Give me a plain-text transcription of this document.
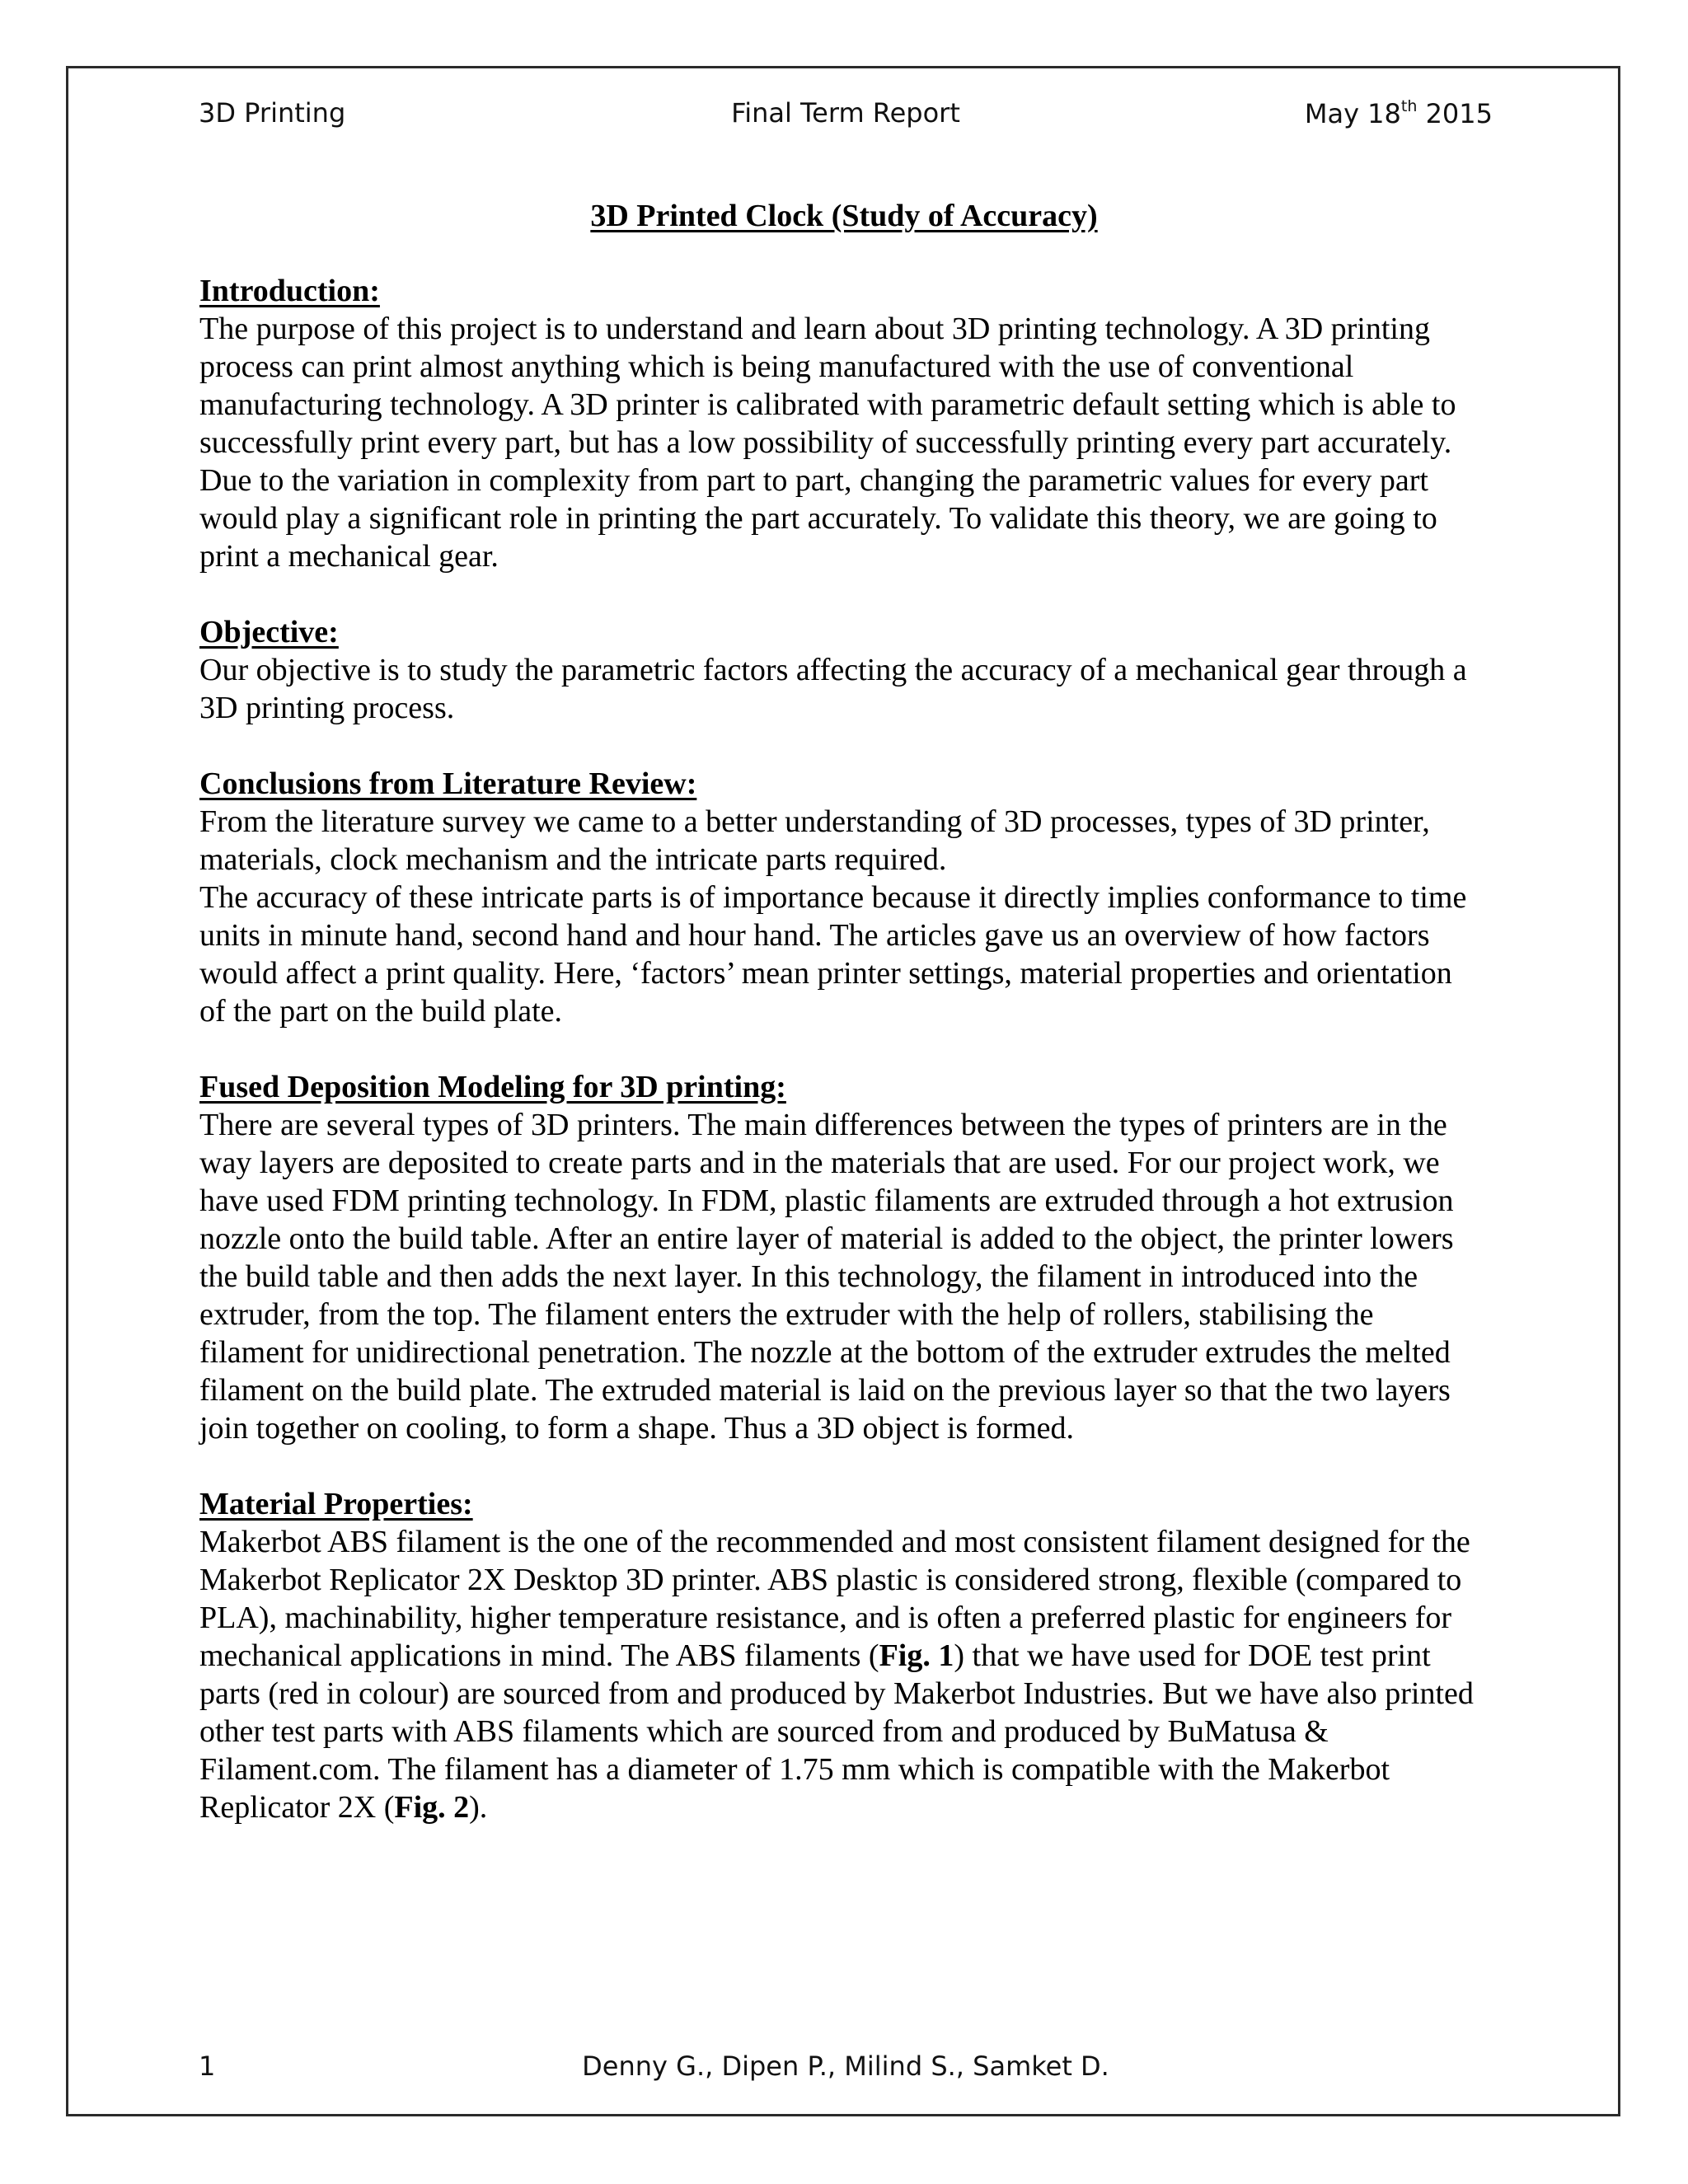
3D Printing	Final Term Report	May 18th 2015
3D Printed Clock (Study of Accuracy)
Introduction:

The purpose of this project is to understand and learn about 3D printing technology. A 3D printing process can print almost anything which is being manufactured with the use of conventional manufacturing technology. A 3D printer is calibrated with parametric default setting which is able to successfully print every part, but has a low possibility of successfully printing every part accurately. Due to the variation in complexity from part to part, changing the parametric values for every part would play a significant role in printing the part accurately. To validate this theory, we are going to print a mechanical gear.

Objective:

Our objective is to study the parametric factors affecting the accuracy of a mechanical gear through a 3D printing process.

Conclusions from Literature Review:

From the literature survey we came to a better understanding of 3D processes, types of 3D printer, materials, clock mechanism and the intricate parts required.

The accuracy of these intricate parts is of importance because it directly implies conformance to time units in minute hand, second hand and hour hand. The articles gave us an overview of how factors would affect a print quality. Here, ‘factors’ mean printer settings, material properties and orientation of the part on the build plate.

Fused Deposition Modeling for 3D printing:

There are several types of 3D printers. The main differences between the types of printers are in the way layers are deposited to create parts and in the materials that are used. For our project work, we have used FDM printing technology. In FDM, plastic filaments are extruded through a hot extrusion nozzle onto the build table. After an entire layer of material is added to the object, the printer lowers the build table and then adds the next layer. In this technology, the filament in introduced into the extruder, from the top. The filament enters the extruder with the help of rollers, stabilising the filament for unidirectional penetration. The nozzle at the bottom of the extruder extrudes the melted filament on the build plate. The extruded material is laid on the previous layer so that the two layers join together on cooling, to form a shape. Thus a 3D object is formed.

Material Properties:

Makerbot ABS filament is the one of the recommended and most consistent filament designed for the Makerbot Replicator 2X Desktop 3D printer. ABS plastic is considered strong, flexible (compared to PLA), machinability, higher temperature resistance, and is often a preferred plastic for engineers for mechanical applications in mind. The ABS filaments (Fig. 1) that we have used for DOE test print parts (red in colour) are sourced from and produced by Makerbot Industries. But we have also printed other test parts with ABS filaments which are sourced from and produced by BuMatusa & Filament.com. The filament has a diameter of 1.75 mm which is compatible with the Makerbot Replicator 2X (Fig. 2).

1	Denny G., Dipen P., Milind S., Samket D.
